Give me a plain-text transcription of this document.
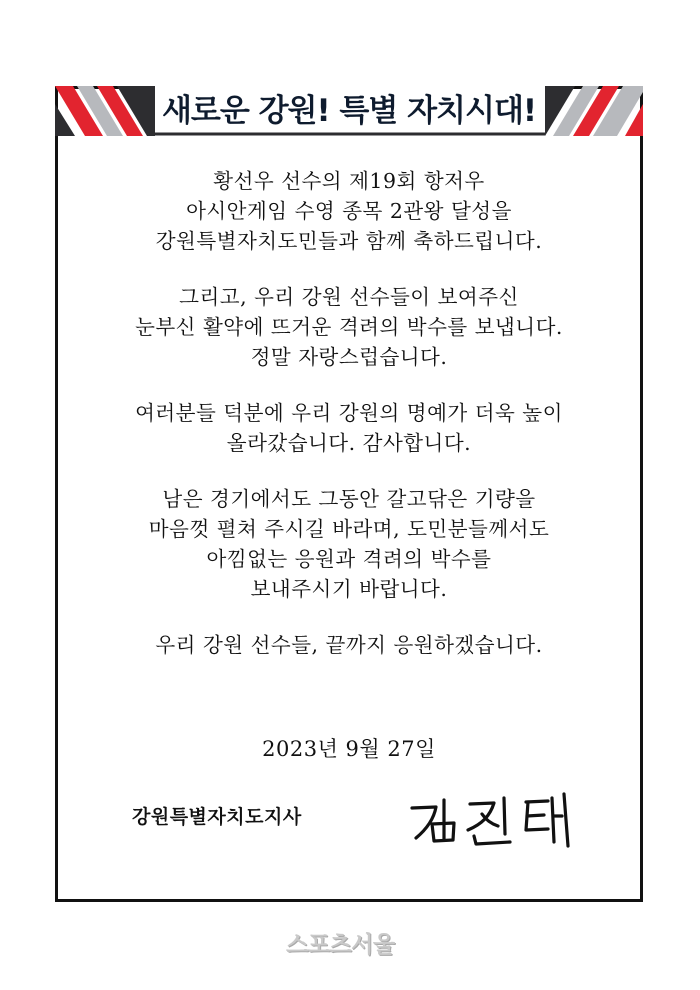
새로운 강원! 특별 자치시대!
황선우 선수의 제19회 항저우
아시안게임 수영 종목 2관왕 달성을
강원특별자치도민들과 함께 축하드립니다.
그리고, 우리 강원 선수들이 보여주신
눈부신 활약에 뜨거운 격려의 박수를 보냅니다.
정말 자랑스럽습니다.
여러분들 덕분에 우리 강원의 명예가 더욱 높이
올라갔습니다. 감사합니다.
남은 경기에서도 그동안 갈고닦은 기량을
마음껏 펼쳐 주시길 바라며, 도민분들께서도
아낌없는 응원과 격려의 박수를
보내주시기 바랍니다.
우리 강원 선수들, 끝까지 응원하겠습니다.
2023년 9월 27일
강원특별자치도지사
스포츠서울
